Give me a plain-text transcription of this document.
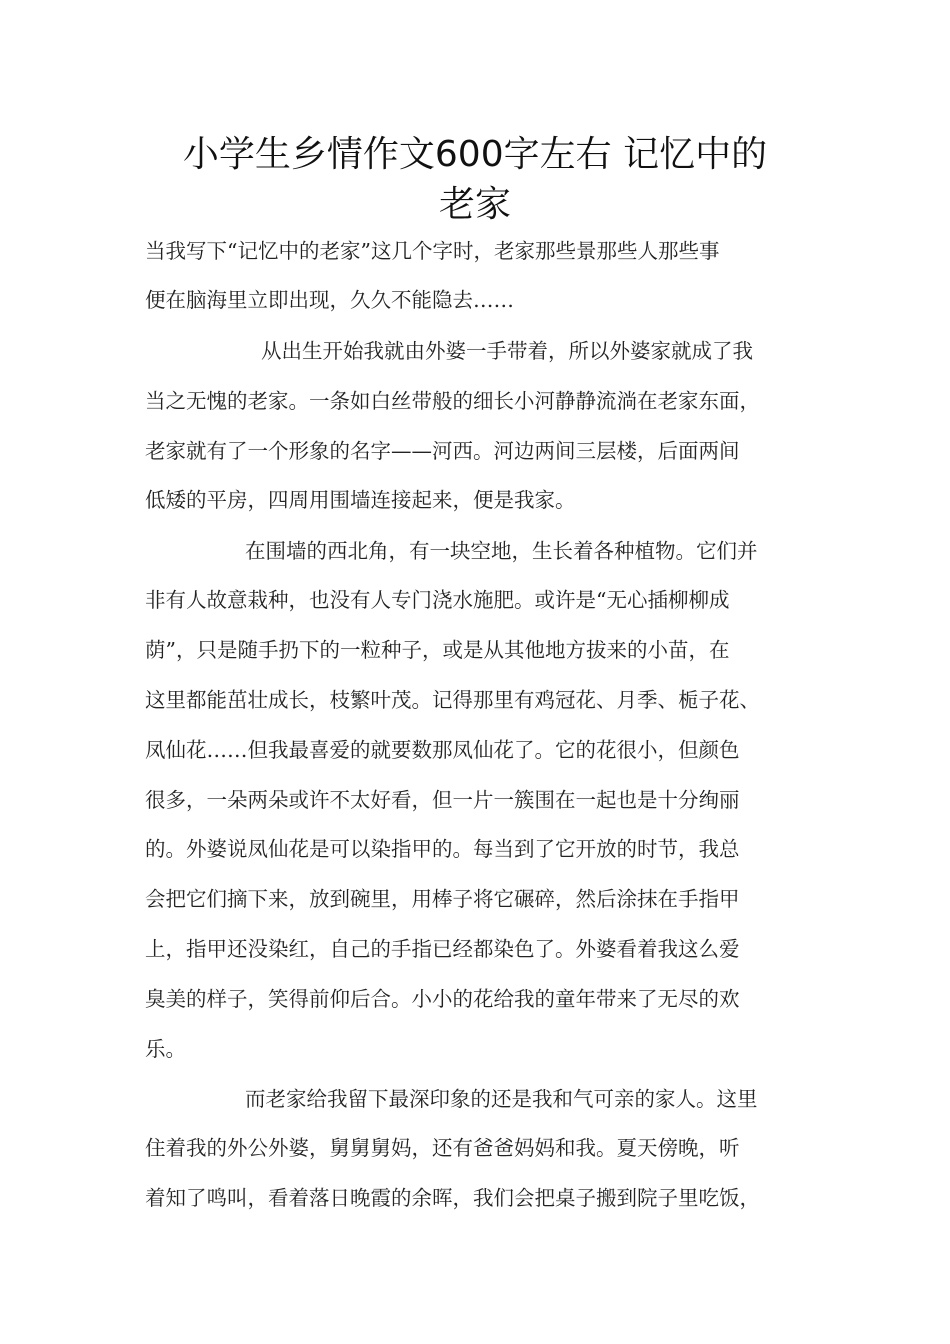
小学生乡情作文600字左右 记忆中的
老家

当我写下“记忆中的老家”这几个字时，老家那些景那些人那些事

便在脑海里立即出现，久久不能隐去……

从出生开始我就由外婆一手带着，所以外婆家就成了我

当之无愧的老家。一条如白丝带般的细长小河静静流淌在老家东面，

老家就有了一个形象的名字——河西。河边两间三层楼，后面两间

低矮的平房，四周用围墙连接起来，便是我家。

在围墙的西北角，有一块空地，生长着各种植物。它们并

非有人故意栽种，也没有人专门浇水施肥。或许是“无心插柳柳成

荫”，只是随手扔下的一粒种子，或是从其他地方拔来的小苗，在

这里都能茁壮成长，枝繁叶茂。记得那里有鸡冠花、月季、栀子花、

凤仙花……但我最喜爱的就要数那凤仙花了。它的花很小，但颜色

很多，一朵两朵或许不太好看，但一片一簇围在一起也是十分绚丽

的。外婆说凤仙花是可以染指甲的。每当到了它开放的时节，我总

会把它们摘下来，放到碗里，用棒子将它碾碎，然后涂抹在手指甲

上，指甲还没染红，自己的手指已经都染色了。外婆看着我这么爱

臭美的样子，笑得前仰后合。小小的花给我的童年带来了无尽的欢

乐。

而老家给我留下最深印象的还是我和气可亲的家人。这里

住着我的外公外婆，舅舅舅妈，还有爸爸妈妈和我。夏天傍晚，听

着知了鸣叫，看着落日晚霞的余晖，我们会把桌子搬到院子里吃饭，
